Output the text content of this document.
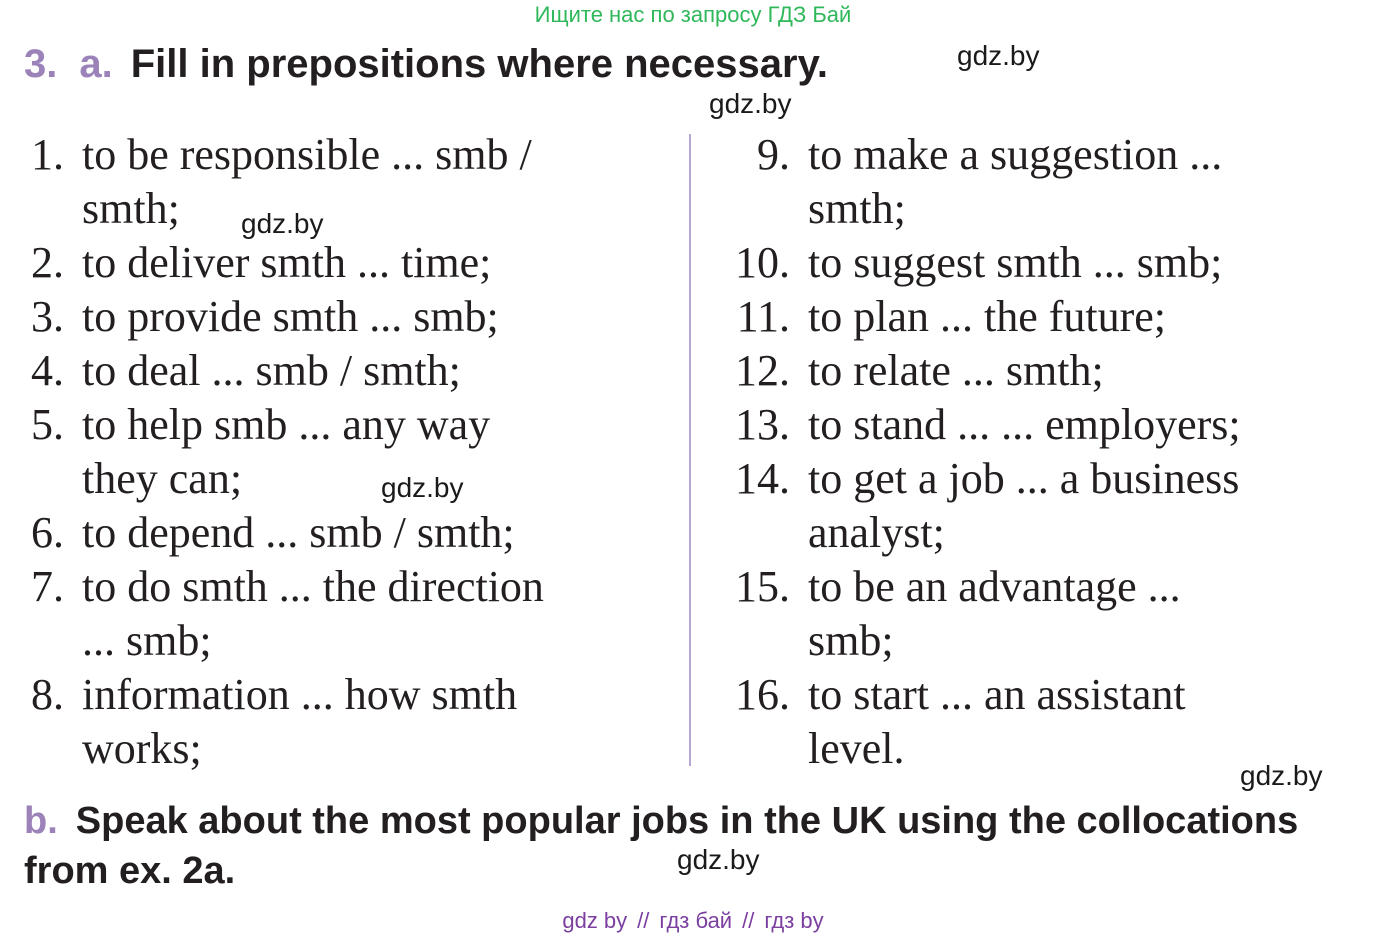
Ищите нас по запросу ГДЗ Бай
3. a. Fill in prepositions where necessary.	gdz.by
gdz.by
1. to be responsible ... smb /
smth;
2. to deliver smth ... time;
3. to provide smth ... smb;
4. to deal ... smb / smth;
5. to help smb ... any way
they can;
6. to depend ... smb / smth;
7. to do smth ... the direction
... smb;
8. information ... how smth
works;
9. to make a suggestion ...
smth;
10. to suggest smth ... smb;
11. to plan ... the future;
12. to relate ... smth;
13. to stand ... ... employers;
14. to get a job ... a business
analyst;
15. to be an advantage ...
smb;
16. to start ... an assistant
level.
gdz.by
gdz.by
gdz.by
gdz.by
b. Speak about the most popular jobs in the UK using the collocations from ex. 2a.
gdz by // гдз бай // гдз by
